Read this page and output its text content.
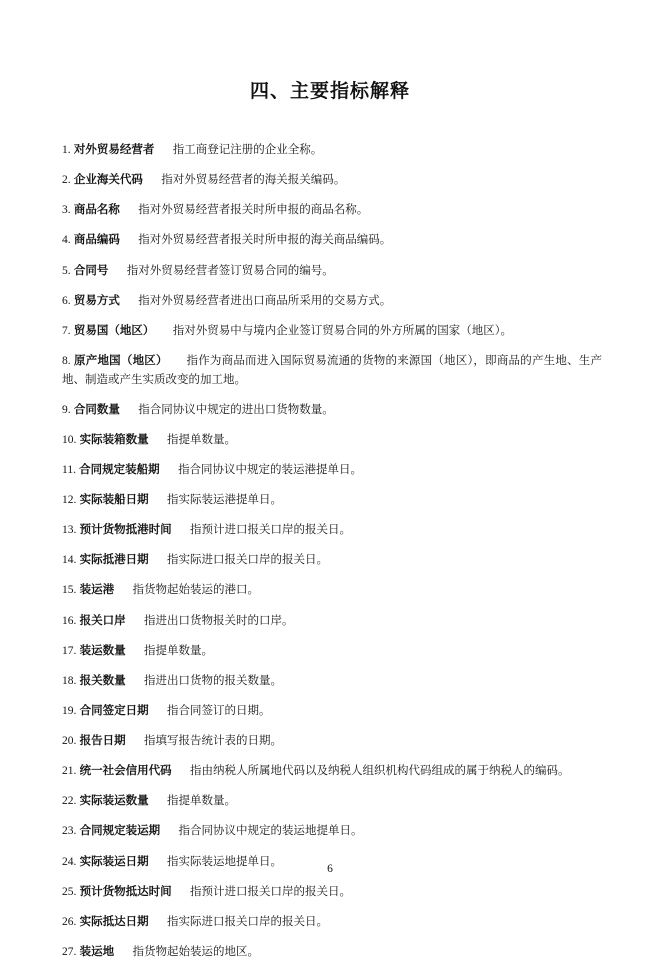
四、主要指标解释

1. 对外贸易经营者 指工商登记注册的企业全称。

2. 企业海关代码 指对外贸易经营者的海关报关编码。

3. 商品名称 指对外贸易经营者报关时所申报的商品名称。

4. 商品编码 指对外贸易经营者报关时所申报的海关商品编码。

5. 合同号 指对外贸易经营者签订贸易合同的编号。

6. 贸易方式 指对外贸易经营者进出口商品所采用的交易方式。

7. 贸易国（地区） 指对外贸易中与境内企业签订贸易合同的外方所属的国家（地区）。

8. 原产地国（地区） 指作为商品而进入国际贸易流通的货物的来源国（地区），即商品的产生地、生产地、制造或产生实质改变的加工地。

9. 合同数量 指合同协议中规定的进出口货物数量。

10. 实际装箱数量 指提单数量。

11. 合同规定装船期 指合同协议中规定的装运港提单日。

12. 实际装船日期 指实际装运港提单日。

13. 预计货物抵港时间 指预计进口报关口岸的报关日。

14. 实际抵港日期 指实际进口报关口岸的报关日。

15. 装运港 指货物起始装运的港口。

16. 报关口岸 指进出口货物报关时的口岸。

17. 装运数量 指提单数量。

18. 报关数量 指进出口货物的报关数量。

19. 合同签定日期 指合同签订的日期。

20. 报告日期 指填写报告统计表的日期。

21. 统一社会信用代码 指由纳税人所属地代码以及纳税人组织机构代码组成的属于纳税人的编码。

22. 实际装运数量 指提单数量。

23. 合同规定装运期 指合同协议中规定的装运地提单日。

24. 实际装运日期 指实际装运地提单日。

25. 预计货物抵达时间 指预计进口报关口岸的报关日。

26. 实际抵达日期 指实际进口报关口岸的报关日。

27. 装运地 指货物起始装运的地区。

6
